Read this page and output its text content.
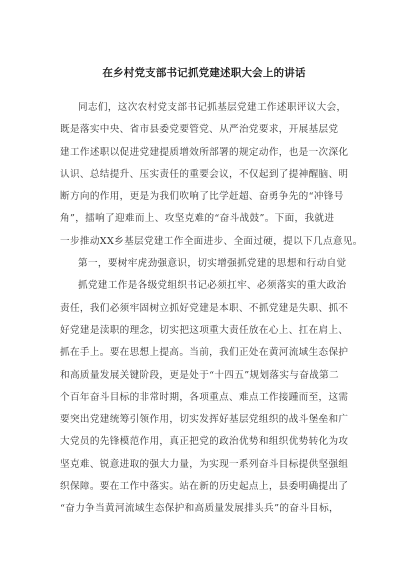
在乡村党支部书记抓党建述职大会上的讲话
同志们，这次农村党支部书记抓基层党建工作述职评议大会，
既是落实中央、省市县委党要管党、从严治党要求，开展基层党
建工作述职以促进党建提质增效所部署的规定动作，也是一次深化
认识、总结提升、压实责任的重要会议，不仅起到了提神醒脑、明
断方向的作用，更是为我们吹响了比学赶超、奋勇争先的“冲锋号
角”，擂响了迎难而上、攻坚克难的“奋斗战鼓”。下面，我就进
一步推动XX乡基层党建工作全面进步、全面过硬，提以下几点意见。
第一，要树牢虎劲强意识，切实增强抓党建的思想和行动自觉
抓党建工作是各级党组织书记必须扛牢、必须落实的重大政治
责任，我们必须牢固树立抓好党建是本职、不抓党建是失职、抓不
好党建是渎职的理念，切实把这项重大责任放在心上、扛在肩上、
抓在手上。要在思想上提高。当前，我们正处在黄河流域生态保护
和高质量发展关键阶段，更是处于“十四五”规划落实与奋战第二
个百年奋斗目标的非常时期，各项重点、难点工作接踵而至，这需
要突出党建统筹引领作用，切实发挥好基层党组织的战斗堡垒和广
大党员的先锋模范作用，真正把党的政治优势和组织优势转化为攻
坚克难、锐意进取的强大力量，为实现一系列奋斗目标提供坚强组
织保障。要在工作中落实。站在新的历史起点上，县委明确提出了
“奋力争当黄河流域生态保护和高质量发展排头兵”的奋斗目标，
